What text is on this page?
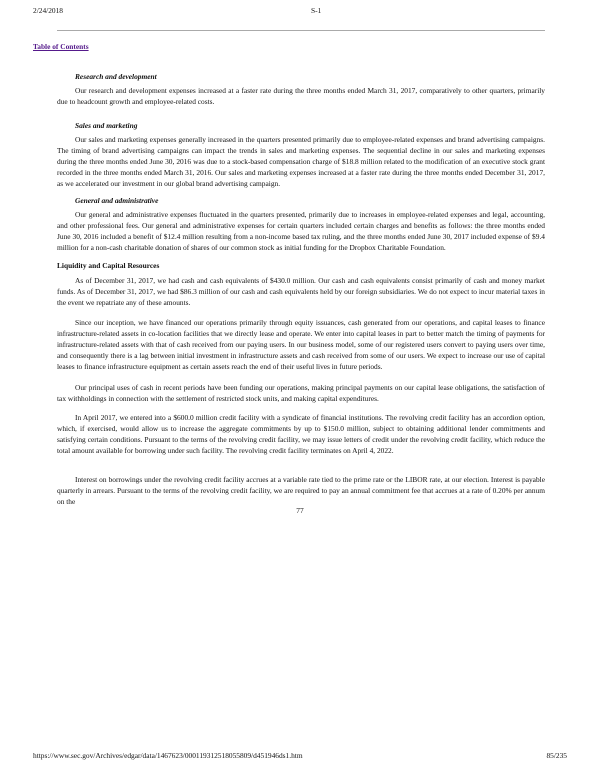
2/24/2018	S-1
Table of Contents
Research and development

Our research and development expenses increased at a faster rate during the three months ended March 31, 2017, comparatively to other quarters, primarily due to headcount growth and employee-related costs.

Sales and marketing

Our sales and marketing expenses generally increased in the quarters presented primarily due to employee-related expenses and brand advertising campaigns. The timing of brand advertising campaigns can impact the trends in sales and marketing expenses. The sequential decline in our sales and marketing expenses during the three months ended June 30, 2016 was due to a stock-based compensation charge of $18.8 million related to the modification of an executive stock grant recorded in the three months ended March 31, 2016. Our sales and marketing expenses increased at a faster rate during the three months ended December 31, 2017, as we accelerated our investment in our global brand advertising campaign.

General and administrative

Our general and administrative expenses fluctuated in the quarters presented, primarily due to increases in employee-related expenses and legal, accounting, and other professional fees. Our general and administrative expenses for certain quarters included certain charges and benefits as follows: the three months ended June 30, 2016 included a benefit of $12.4 million resulting from a non-income based tax ruling, and the three months ended June 30, 2017 included expense of $9.4 million for a non-cash charitable donation of shares of our common stock as initial funding for the Dropbox Charitable Foundation.

Liquidity and Capital Resources

As of December 31, 2017, we had cash and cash equivalents of $430.0 million. Our cash and cash equivalents consist primarily of cash and money market funds. As of December 31, 2017, we had $86.3 million of our cash and cash equivalents held by our foreign subsidiaries. We do not expect to incur material taxes in the event we repatriate any of these amounts.

Since our inception, we have financed our operations primarily through equity issuances, cash generated from our operations, and capital leases to finance infrastructure-related assets in co-location facilities that we directly lease and operate. We enter into capital leases in part to better match the timing of payments for infrastructure-related assets with that of cash received from our paying users. In our business model, some of our registered users convert to paying users over time, and consequently there is a lag between initial investment in infrastructure assets and cash received from some of our users. We expect to increase our use of capital leases to finance infrastructure equipment as certain assets reach the end of their useful lives in future periods.

Our principal uses of cash in recent periods have been funding our operations, making principal payments on our capital lease obligations, the satisfaction of tax withholdings in connection with the settlement of restricted stock units, and making capital expenditures.

In April 2017, we entered into a $600.0 million credit facility with a syndicate of financial institutions. The revolving credit facility has an accordion option, which, if exercised, would allow us to increase the aggregate commitments by up to $150.0 million, subject to obtaining additional lender commitments and satisfying certain conditions. Pursuant to the terms of the revolving credit facility, we may issue letters of credit under the revolving credit facility, which reduce the total amount available for borrowing under such facility. The revolving credit facility terminates on April 4, 2022.

Interest on borrowings under the revolving credit facility accrues at a variable rate tied to the prime rate or the LIBOR rate, at our election. Interest is payable quarterly in arrears. Pursuant to the terms of the revolving credit facility, we are required to pay an annual commitment fee that accrues at a rate of 0.20% per annum on the

77
https://www.sec.gov/Archives/edgar/data/1467623/000119312518055809/d451946ds1.htm	85/235
